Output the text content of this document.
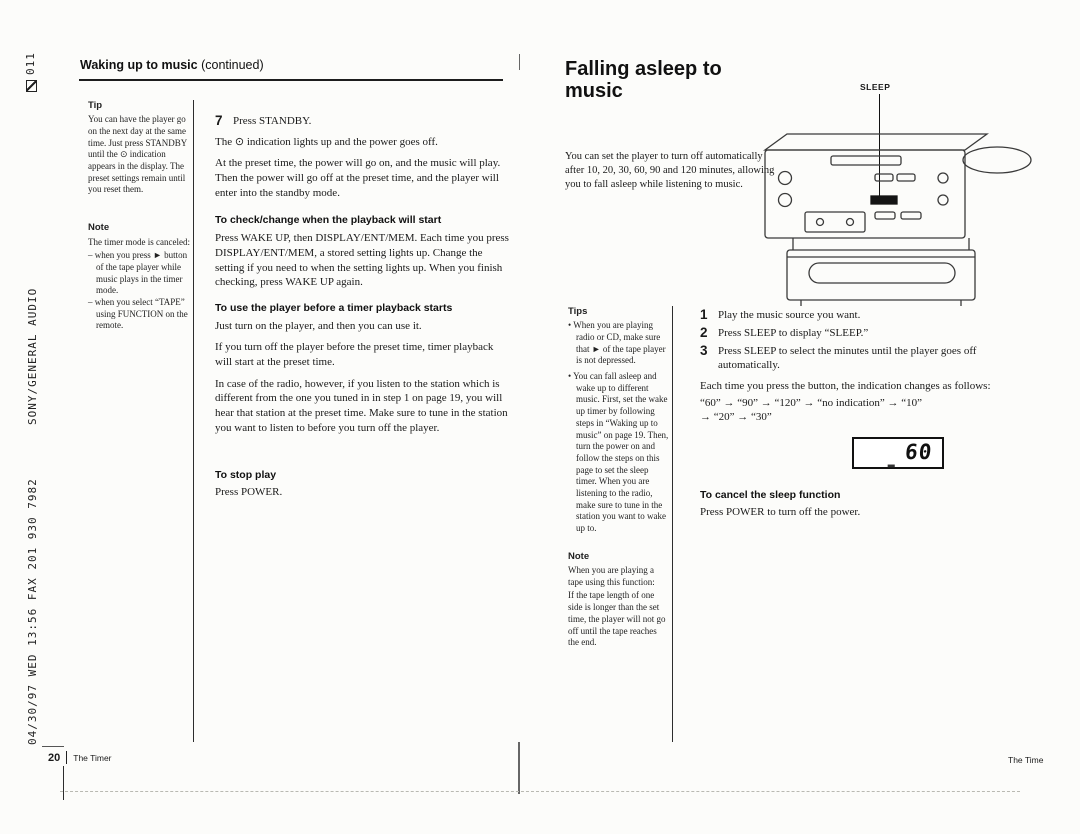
011
SONY/GENERAL AUDIO
04/30/97 WED 13:56 FAX 201 930 7982
Waking up to music (continued)
Tip

You can have the player go on the next day at the same time. Just press STANDBY until the ⊙ indication appears in the display. The preset settings remain until you reset them.

Note

The timer mode is canceled:

– when you press ► button of the tape player while music plays in the timer mode.
– when you select “TAPE” using FUNCTION on the remote.
7 Press STANDBY.

The ⊙ indication lights up and the power goes off.

At the preset time, the power will go on, and the music will play. Then the power will go off at the preset time, and the player will enter into the standby mode.

To check/change when the playback will start

Press WAKE UP, then DISPLAY/ENT/MEM. Each time you press DISPLAY/ENT/MEM, a stored setting lights up. Change the setting if you need to when the setting lights up. When you finish checking, press WAKE UP again.

To use the player before a timer playback starts

Just turn on the player, and then you can use it.

If you turn off the player before the preset time, timer playback will start at the preset time.

In case of the radio, however, if you listen to the station which is different from the one you tuned in in step 1 on page 19, you will hear that station at the preset time. Make sure to tune in the station you want to listen to before you turn off the player.

To stop play

Press POWER.

20 The Timer
Falling asleep to music	SLEEP

You can set the player to turn off automatically after 10, 20, 30, 60, 90 and 120 minutes, allowing you to fall asleep while listening to music.

Tips
• When you are playing radio or CD, make sure that ► of the tape player is not depressed.
• You can fall asleep and wake up to different music. First, set the wake up timer by following steps in “Waking up to music” on page 19. Then, turn the power on and follow the steps on this page to set the sleep timer. When you are listening to the radio, make sure to tune in the station you want to wake up to.
Note

When you are playing a tape using this function:

If the tape length of one side is longer than the set time, the player will not go off until the tape reaches the end.

1 Play the music source you want.
2 Press SLEEP to display “SLEEP.”
3 Press SLEEP to select the minutes until the player goes off automatically.

Each time you press the button, the indication changes as follows:

“60” → “90” → “120” → “no indication” → “10”

→ “20” → “30”

▂ 60
To cancel the sleep function

Press POWER to turn off the power.

The Time
